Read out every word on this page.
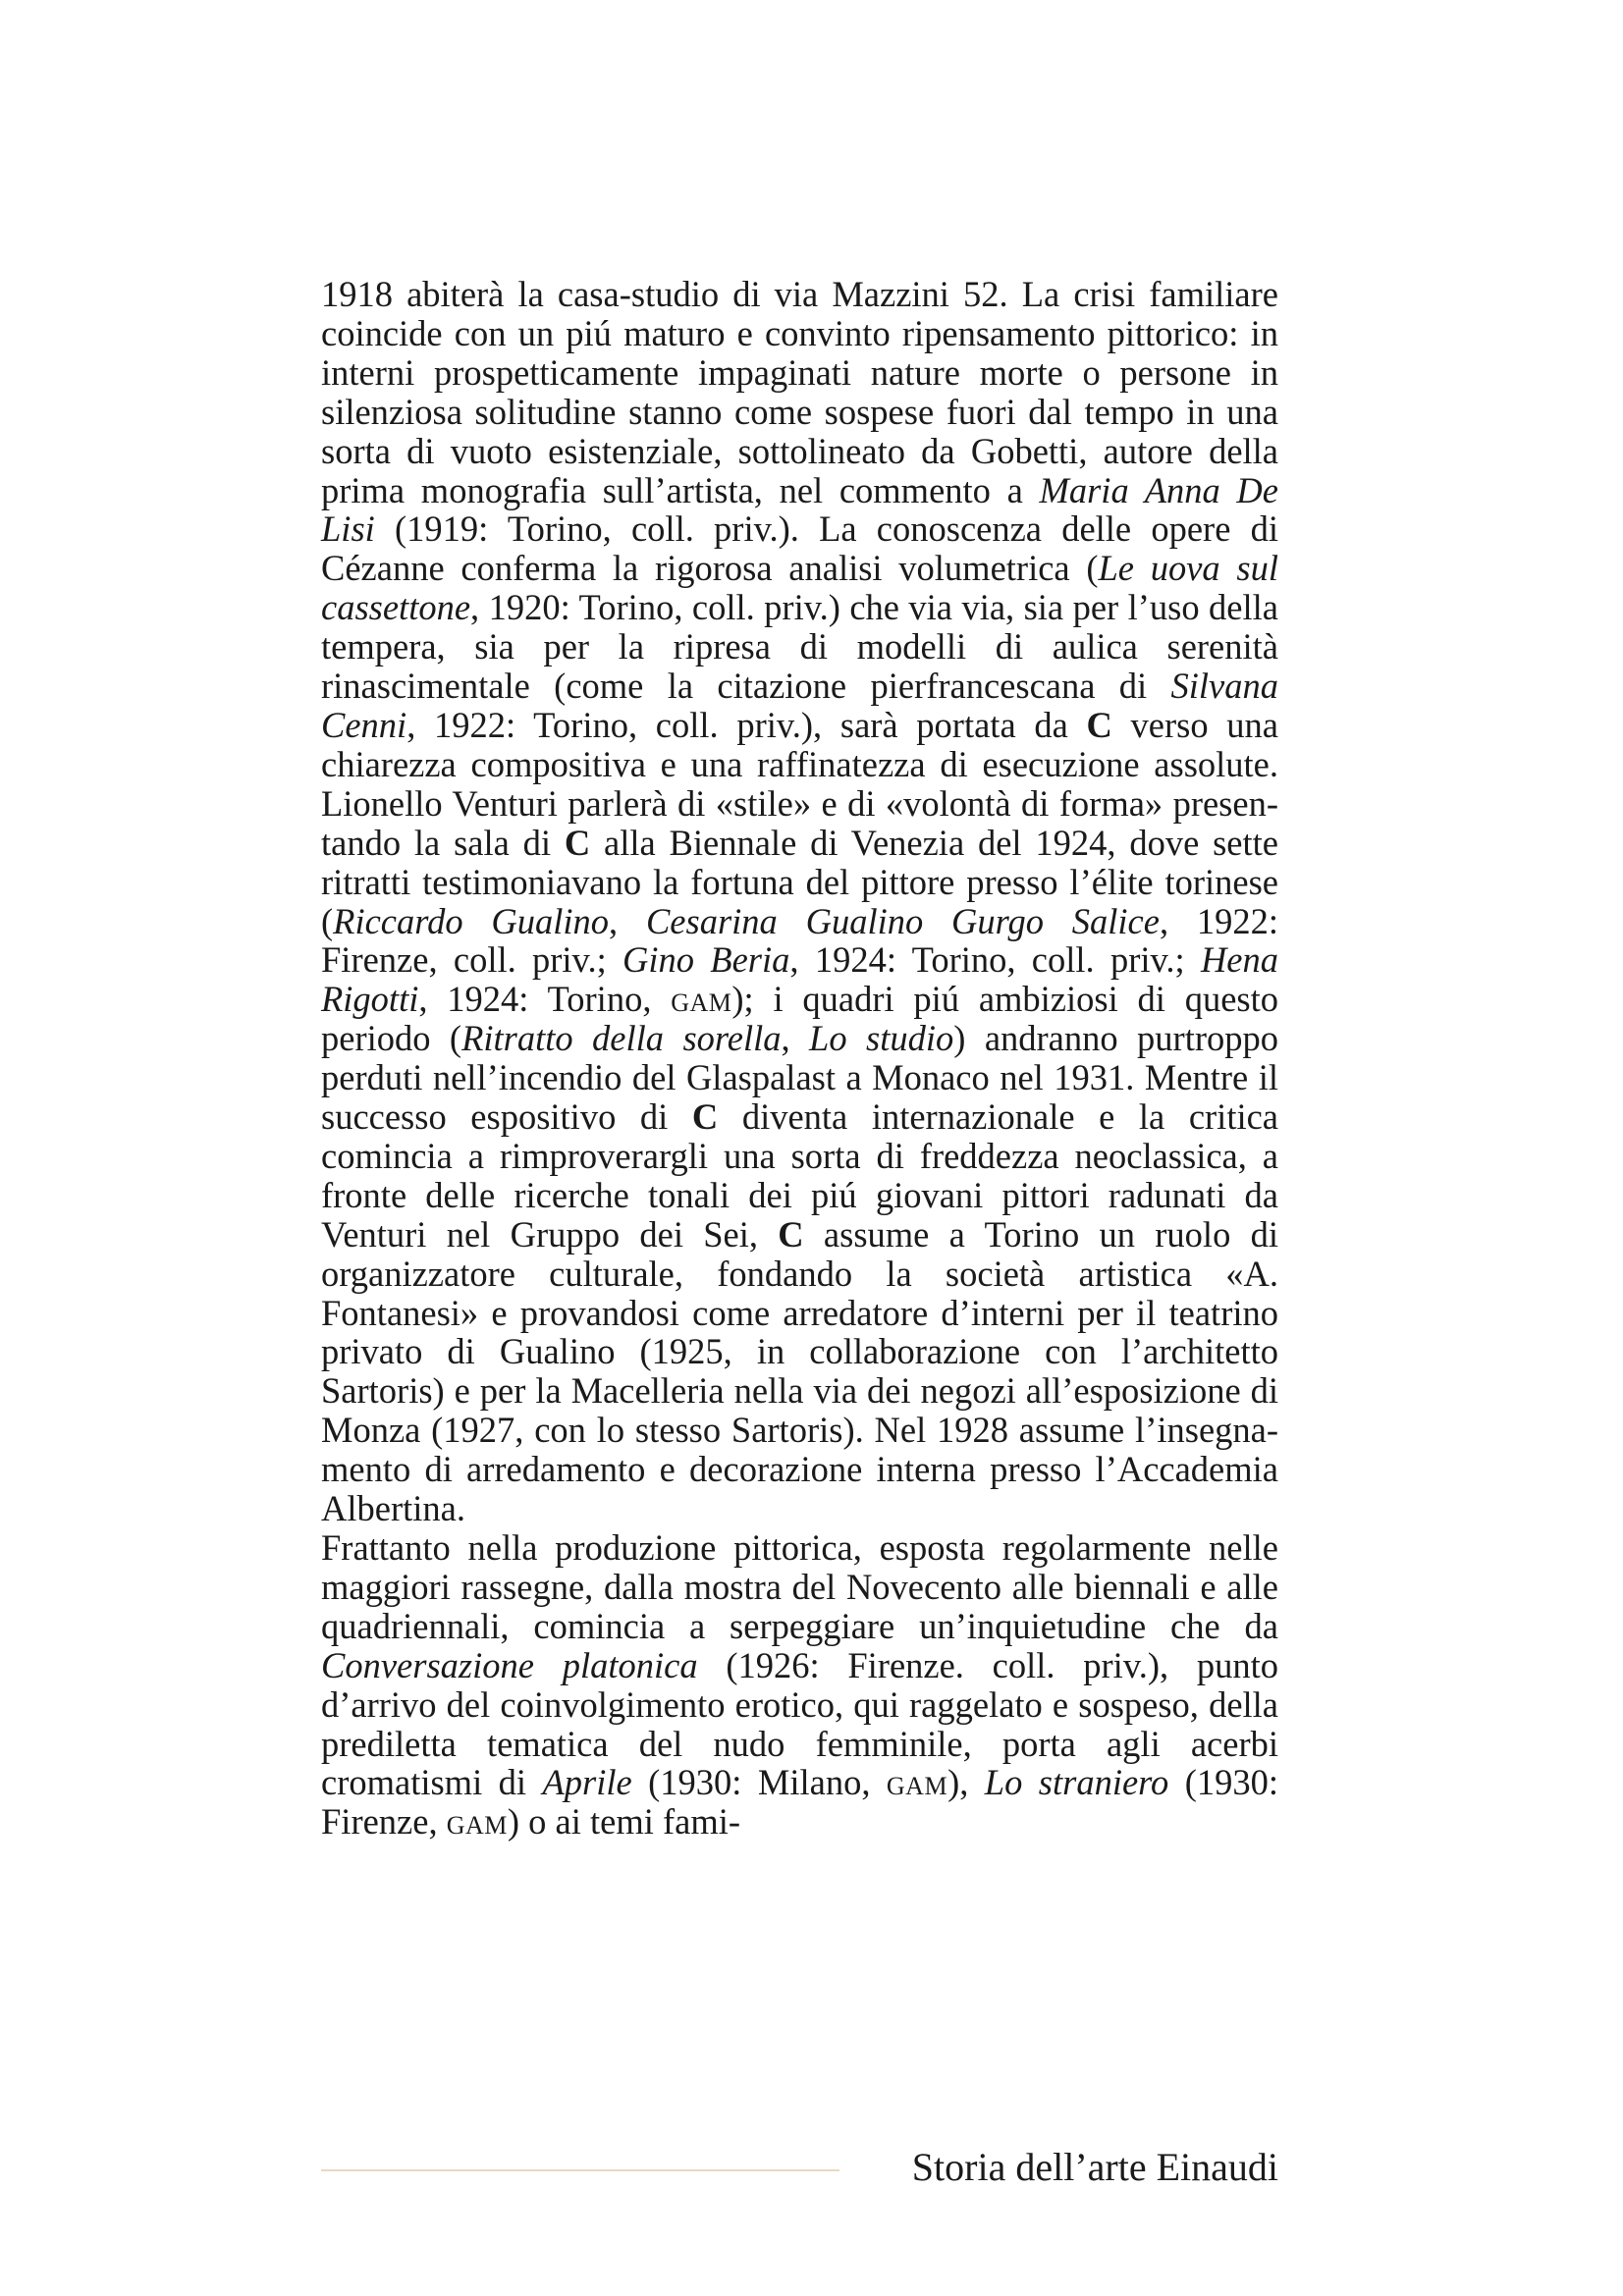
1918 abiterà la casa-studio di via Mazzini 52. La crisi familiare coincide con un piú maturo e convinto ripensamento pittorico: in interni prospetticamente impaginati nature morte o persone in silenziosa solitudine stanno come sospese fuori dal tempo in una sorta di vuoto esistenziale, sottolineato da Gobetti, autore della prima monografia sull’artista, nel commento a Maria Anna De Lisi (1919: Torino, coll. priv.). La conoscenza delle opere di Cézanne conferma la rigorosa analisi volumetrica (Le uova sul cassettone, 1920: Torino, coll. priv.) che via via, sia per l’uso della tempera, sia per la ripresa di modelli di aulica serenità rinascimentale (come la citazione pierfrancescana di Silvana Cenni, 1922: Torino, coll. priv.), sarà portata da C verso una chiarezza compositiva e una raffinatezza di esecuzione assolute. Lionello Venturi parlerà di «stile» e di «volontà di forma» presentando la sala di C alla Biennale di Venezia del 1924, dove sette ritratti testimoniavano la fortuna del pittore presso l’élite torinese (Riccardo Gualino, Cesarina Gualino Gurgo Salice, 1922: Firenze, coll. priv.; Gino Beria, 1924: Torino, coll. priv.; Hena Rigotti, 1924: Torino, gam); i quadri piú ambiziosi di questo periodo (Ritratto della sorella, Lo studio) andranno purtroppo perduti nell’incendio del Glaspalast a Monaco nel 1931. Mentre il successo espositivo di C diventa internazionale e la critica comincia a rimproverargli una sorta di freddezza neoclassica, a fronte delle ricerche tonali dei piú giovani pittori radunati da Venturi nel Gruppo dei Sei, C assume a Torino un ruolo di organizzatore culturale, fondando la società artistica «A. Fontanesi» e provandosi come arredatore d’interni per il teatrino privato di Gualino (1925, in collaborazione con l’architetto Sartoris) e per la Macelleria nella via dei negozi all’esposizione di Monza (1927, con lo stesso Sartoris). Nel 1928 assume l’insegnamento di arredamento e decorazione interna presso l’Accademia Albertina.

Frattanto nella produzione pittorica, esposta regolarmente nelle maggiori rassegne, dalla mostra del Novecento alle biennali e alle quadriennali, comincia a serpeggiare un’inquietudine che da Conversazione platonica (1926: Firenze. coll. priv.), punto d’arrivo del coinvolgimento erotico, qui raggelato e sospeso, della prediletta tematica del nudo femminile, porta agli acerbi cromatismi di Aprile (1930: Milano, gam), Lo straniero (1930: Firenze, gam) o ai temi fami-

Storia dell’arte Einaudi
